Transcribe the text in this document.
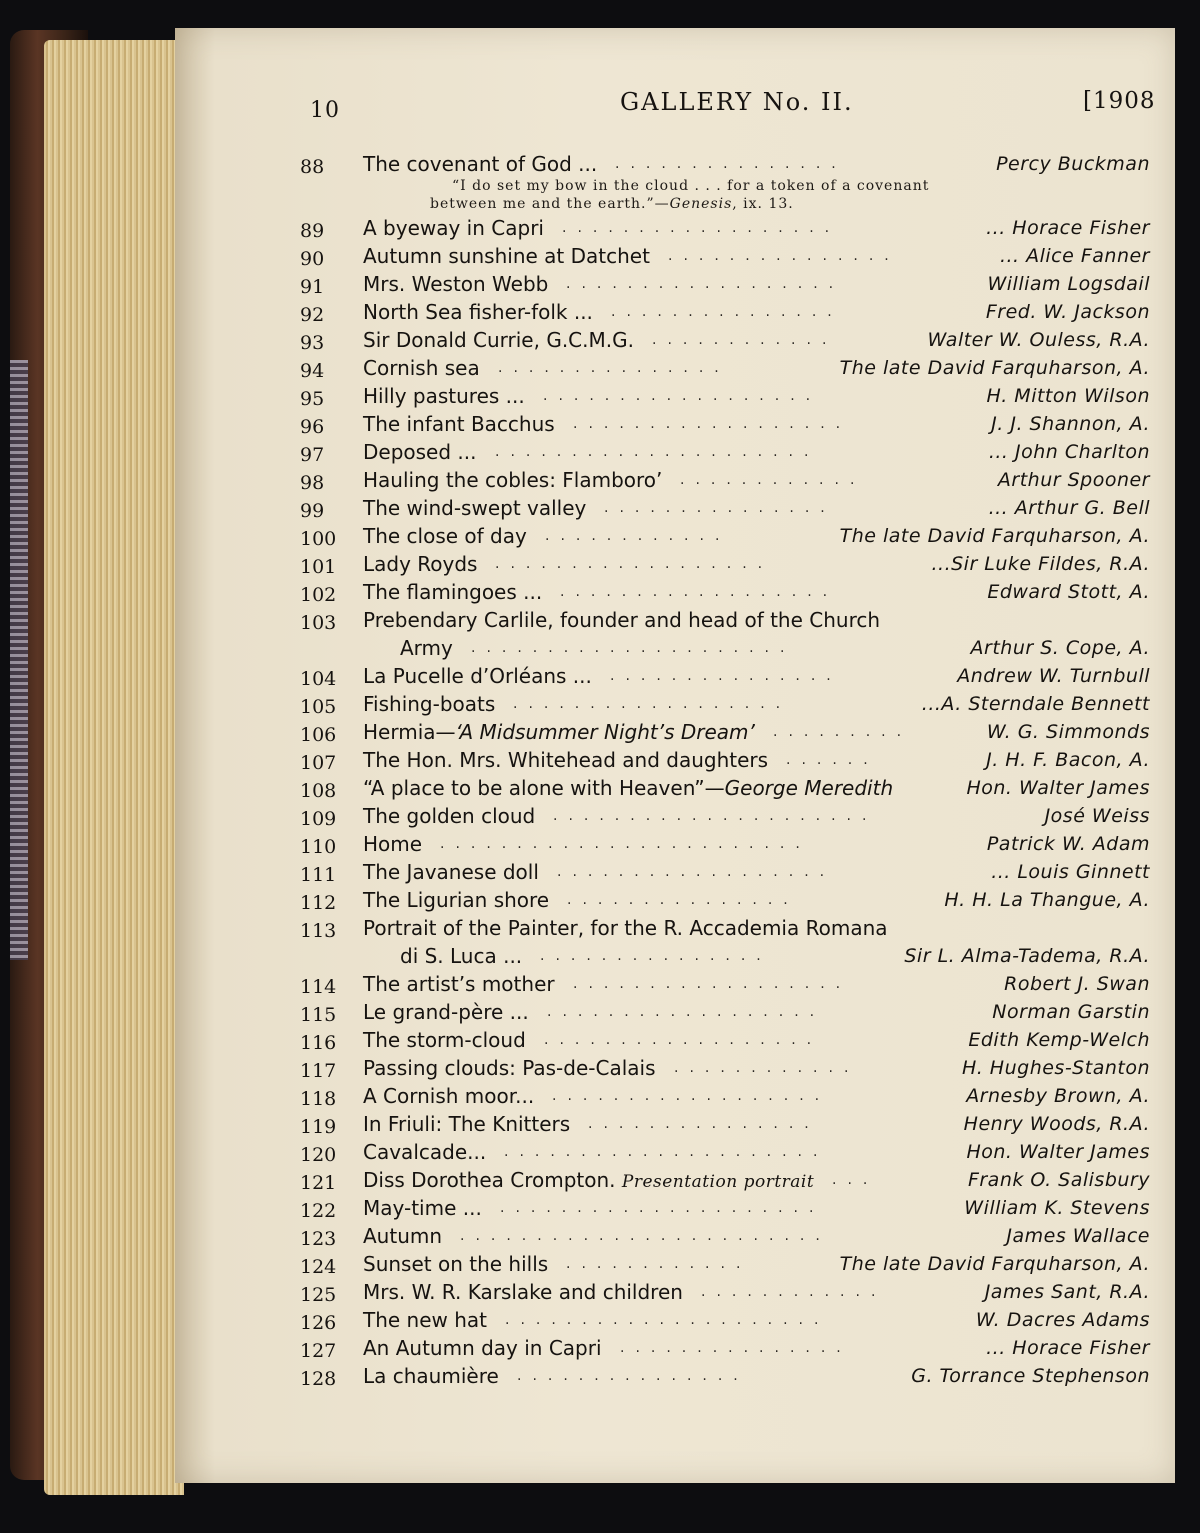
10	GALLERY No. II.	[1908
88	The covenant of God ... ...............	Percy Buckman
“I do set my bow in the cloud . . . for a token of a covenant
between me and the earth.”—Genesis, ix. 13.
89	A byeway in Capri ..................	... Horace Fisher
90	Autumn sunshine at Datchet ...............	... Alice Fanner
91	Mrs. Weston Webb ..................	William Logsdail
92	North Sea fisher-folk ... ...............	Fred. W. Jackson
93	Sir Donald Currie, G.C.M.G. ............	Walter W. Ouless, R.A.
94	Cornish sea ...............	The late David Farquharson, A.
95	Hilly pastures ... ..................	H. Mitton Wilson
96	The infant Bacchus ..................	J. J. Shannon, A.
97	Deposed ... .....................	... John Charlton
98	Hauling the cobles: Flamboro’ ............	Arthur Spooner
99	The wind-swept valley ...............	... Arthur G. Bell
100	The close of day ............	The late David Farquharson, A.
101	Lady Royds ..................	...Sir Luke Fildes, R.A.
102	The flamingoes ... ..................	Edward Stott, A.
103	Prebendary Carlile, founder and head of the Church
Army .....................	Arthur S. Cope, A.
104	La Pucelle d’Orléans ... ...............	Andrew W. Turnbull
105	Fishing-boats ..................	...A. Sterndale Bennett
106	Hermia—‘A Midsummer Night’s Dream’ .........	W. G. Simmonds
107	The Hon. Mrs. Whitehead and daughters ......	J. H. F. Bacon, A.
108	“A place to be alone with Heaven”—George Meredith	Hon. Walter James
109	The golden cloud .....................	José Weiss
110	Home ........................	Patrick W. Adam
111	The Javanese doll ..................	... Louis Ginnett
112	The Ligurian shore ...............	H. H. La Thangue, A.
113	Portrait of the Painter, for the R. Accademia Romana
di S. Luca ... ...............	Sir L. Alma-Tadema, R.A.
114	The artist’s mother ..................	Robert J. Swan
115	Le grand-père ... ..................	Norman Garstin
116	The storm-cloud ..................	Edith Kemp-Welch
117	Passing clouds: Pas-de-Calais ............	H. Hughes-Stanton
118	A Cornish moor... ..................	Arnesby Brown, A.
119	In Friuli: The Knitters ...............	Henry Woods, R.A.
120	Cavalcade... .....................	Hon. Walter James
121	Diss Dorothea Crompton. Presentation portrait ...	Frank O. Salisbury
122	May-time ... .....................	William K. Stevens
123	Autumn ........................	James Wallace
124	Sunset on the hills ............	The late David Farquharson, A.
125	Mrs. W. R. Karslake and children ............	James Sant, R.A.
126	The new hat .....................	W. Dacres Adams
127	An Autumn day in Capri ...............	... Horace Fisher
128	La chaumière ...............	G. Torrance Stephenson
